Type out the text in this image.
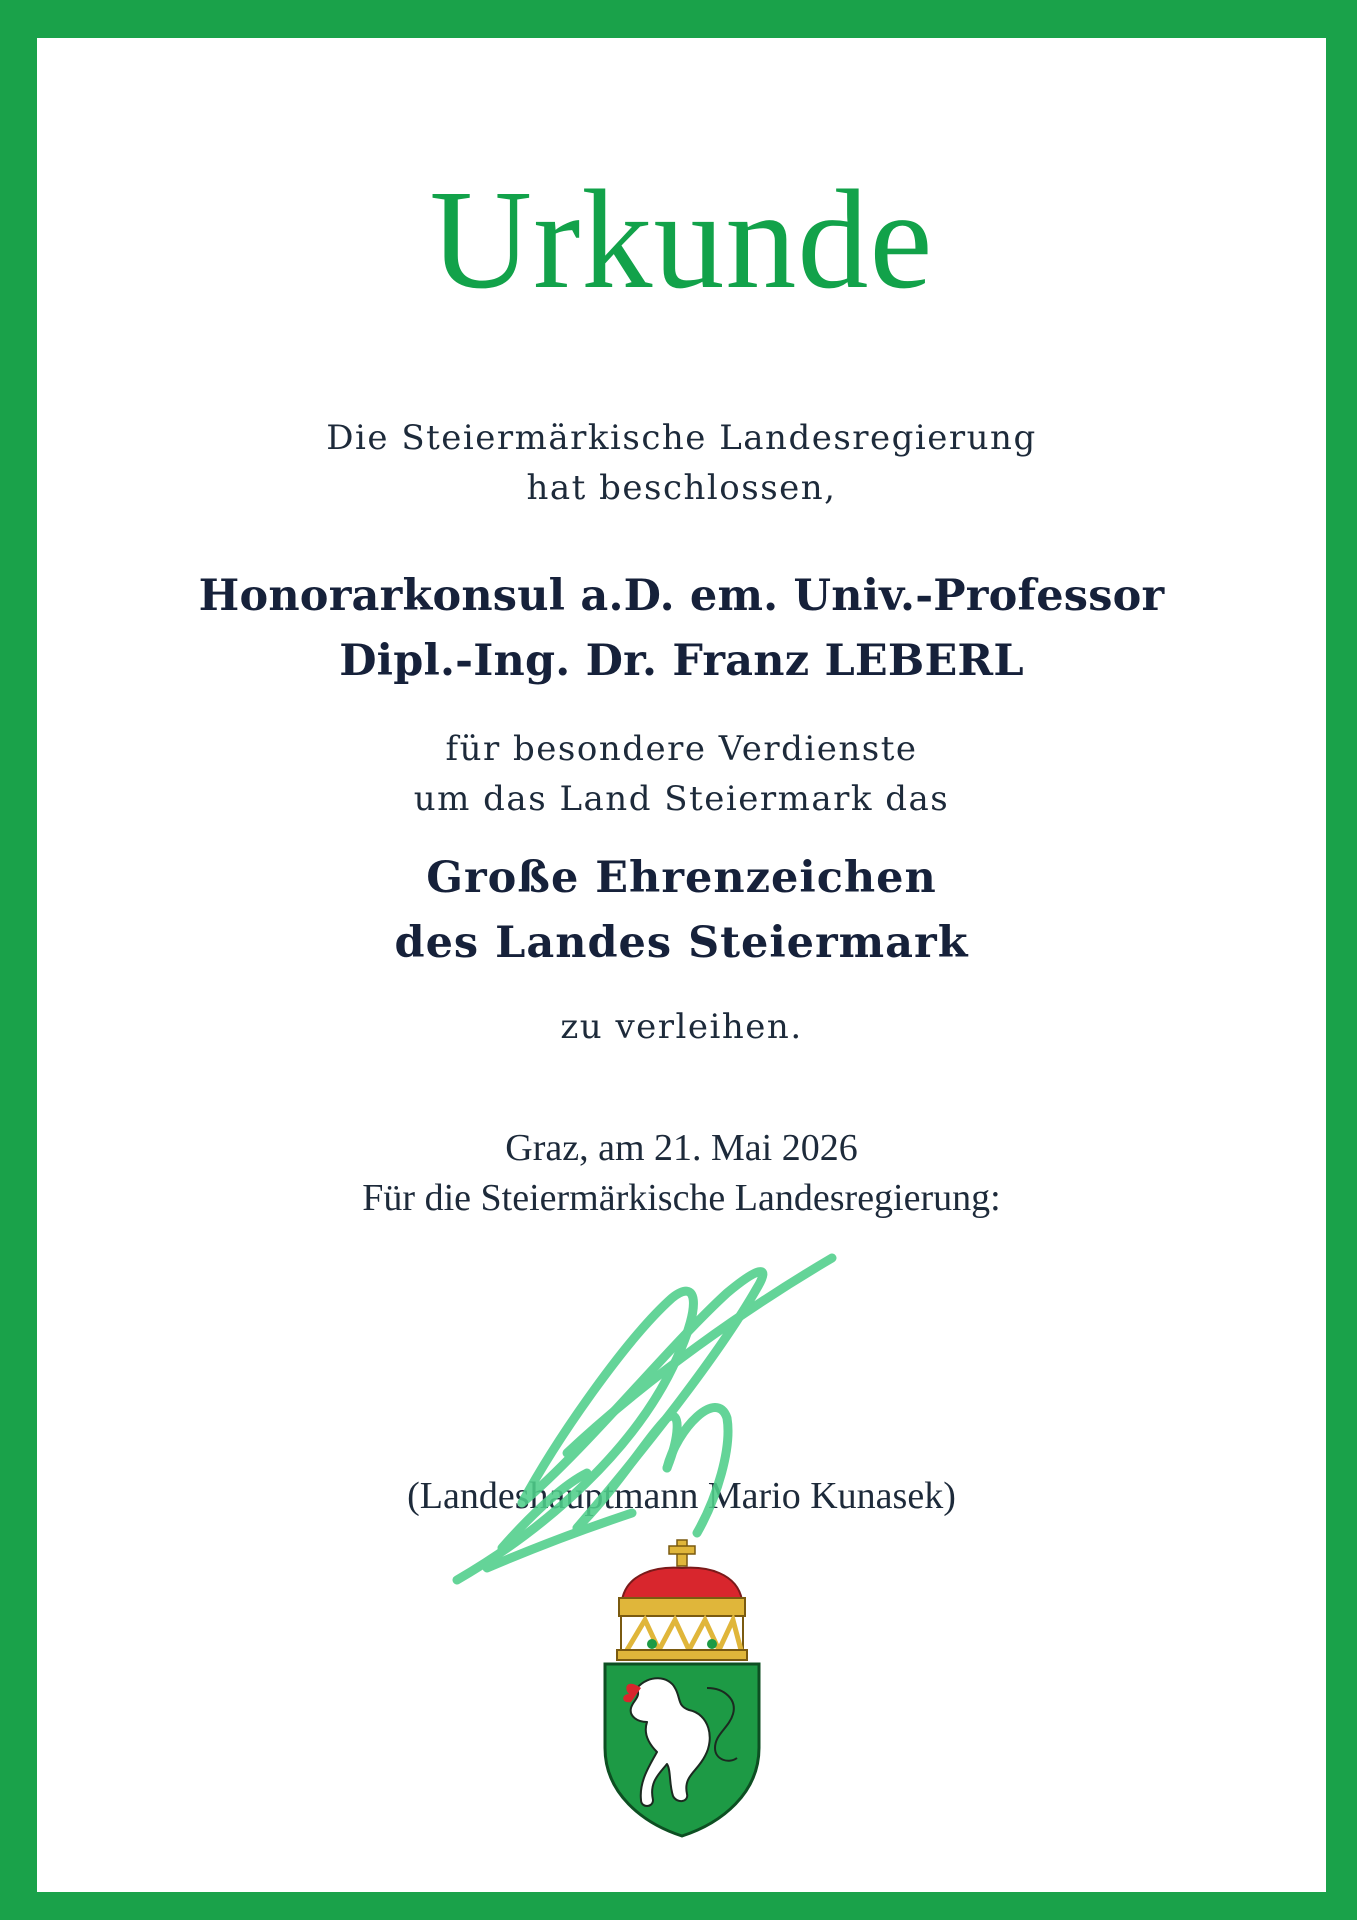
Urkunde

Die Steiermärkische Landesregierung
hat beschlossen,

Honorarkonsul a.D. em. Univ.-Professor
Dipl.-Ing. Dr. Franz LEBERL

für besondere Verdienste
um das Land Steiermark das

Große Ehrenzeichen
des Landes Steiermark

zu verleihen.

Graz, am 21. Mai 2026
Für die Steiermärkische Landesregierung:

(Landeshauptmann Mario Kunasek)
